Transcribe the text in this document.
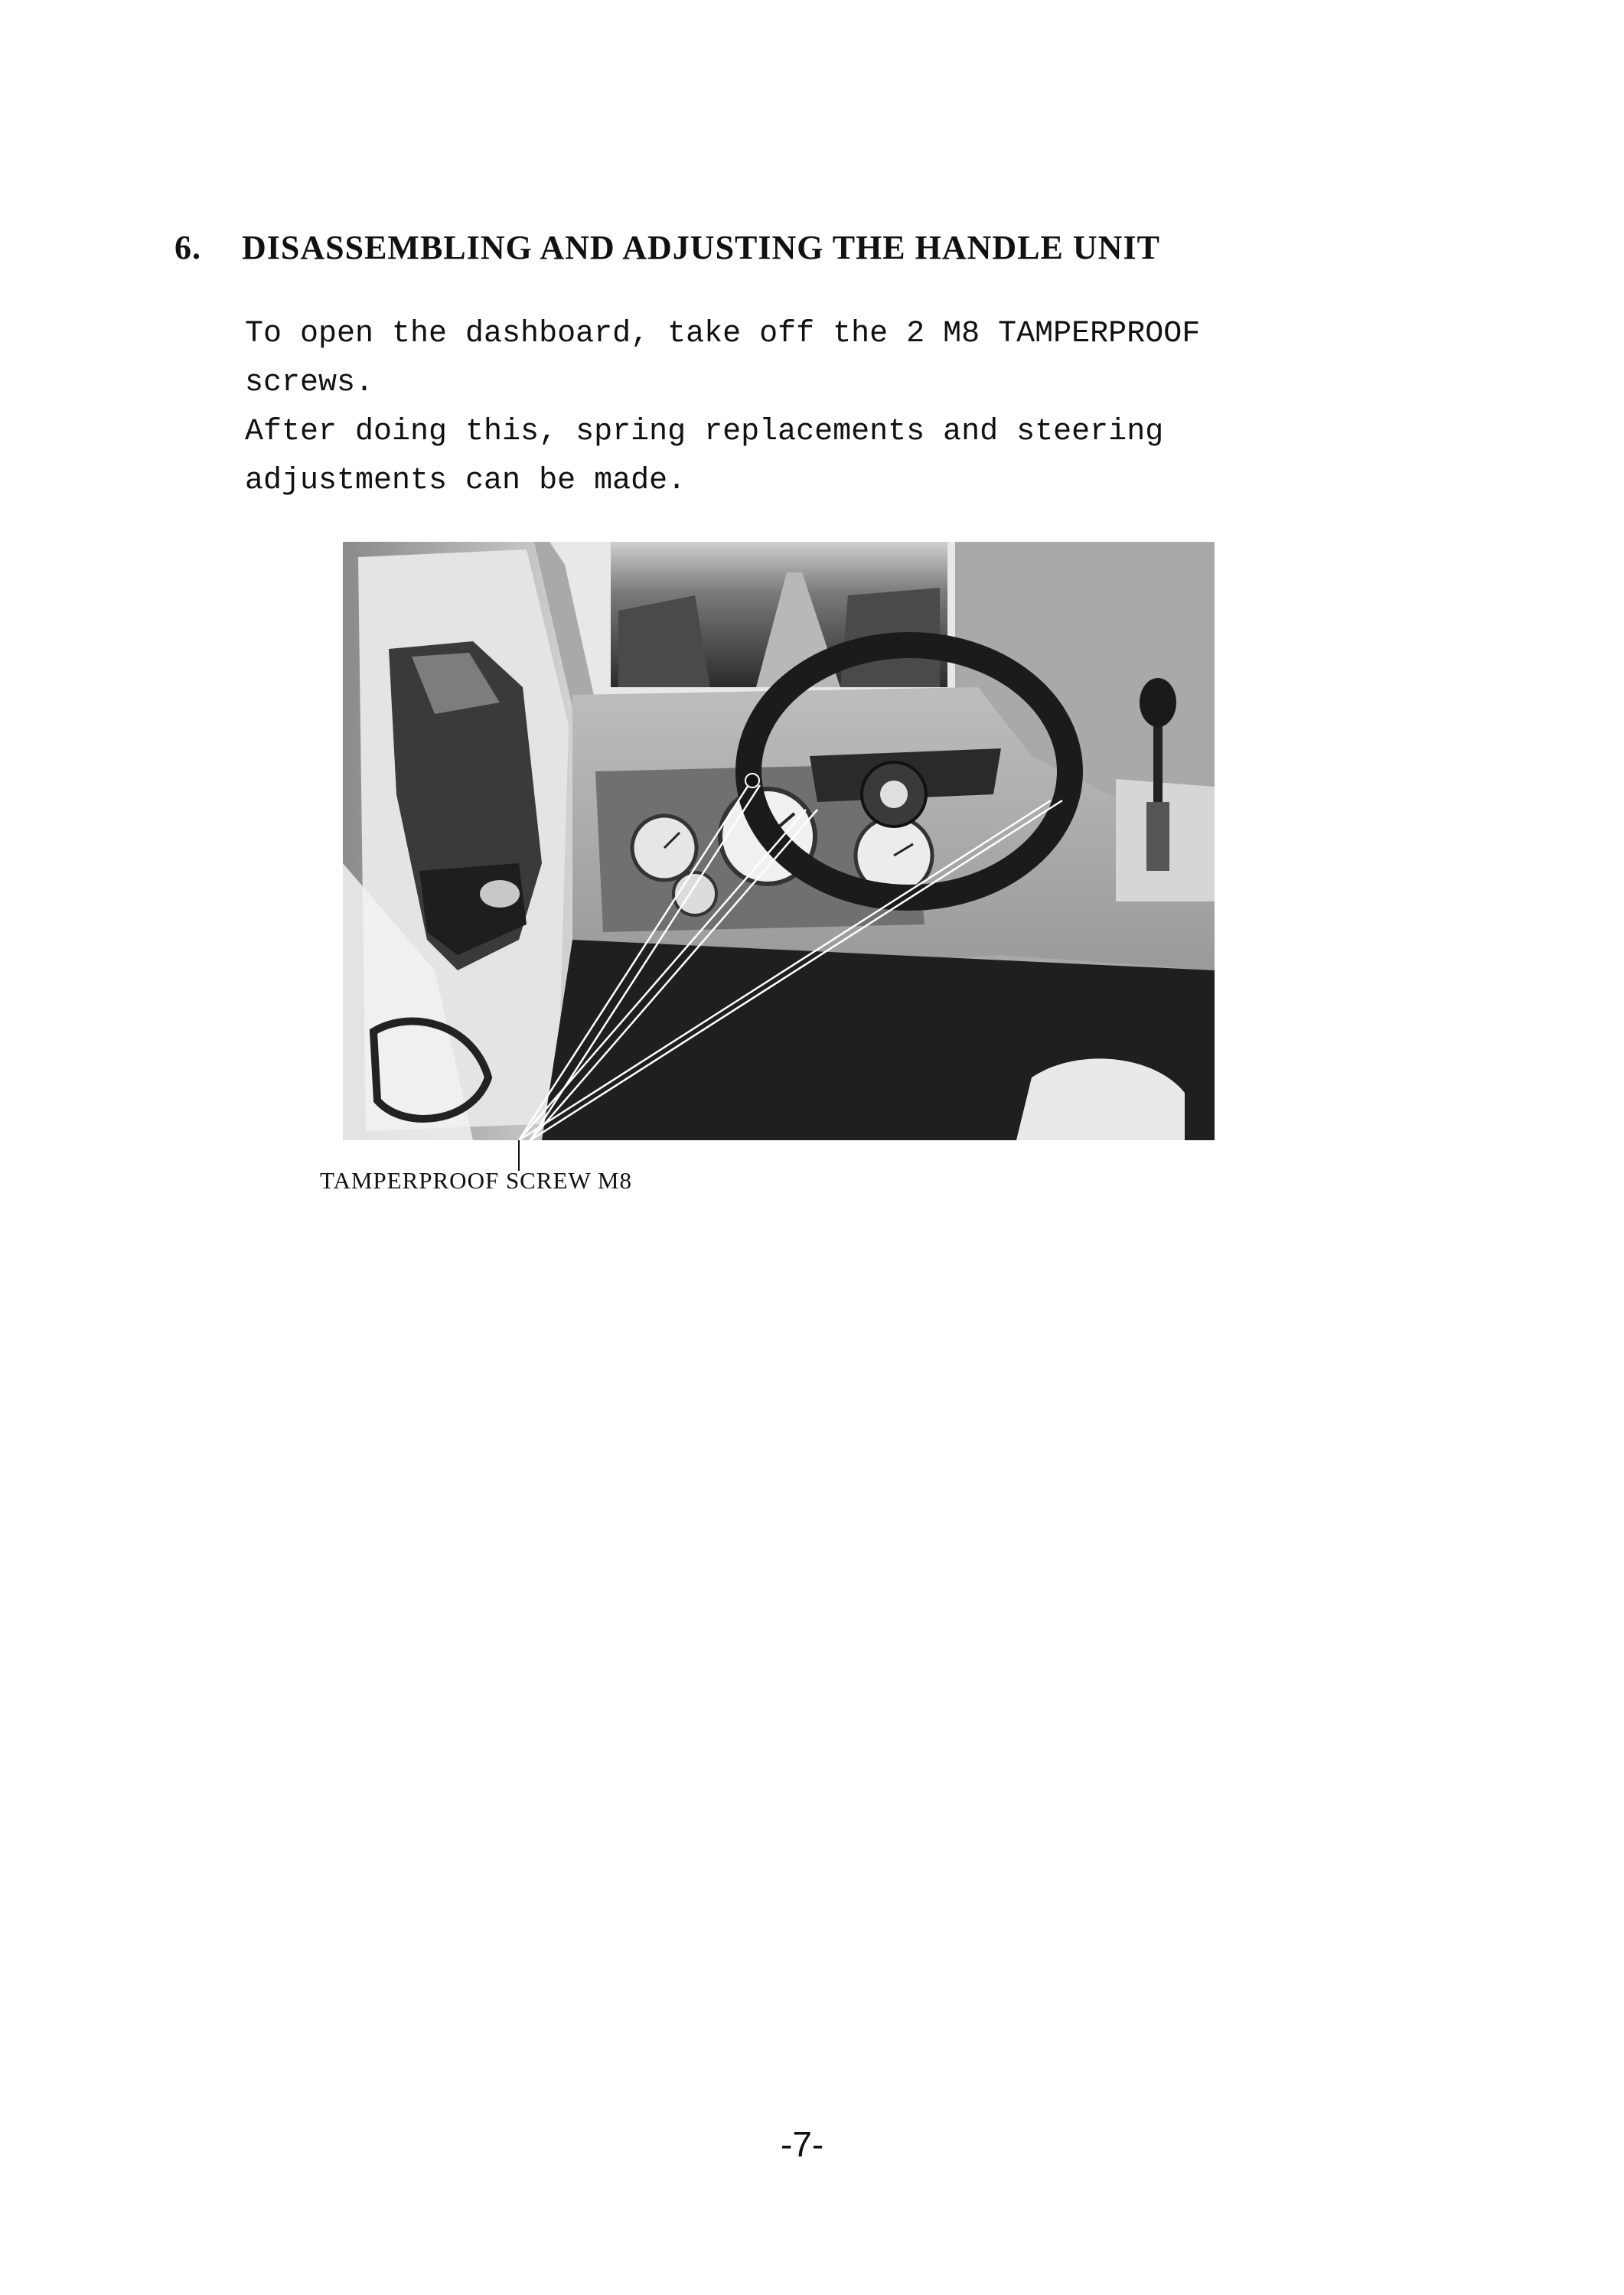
6. DISASSEMBLING AND ADJUSTING THE HANDLE UNIT

To open the dashboard, take off the 2 M8 TAMPERPROOF

screws.

After doing this, spring replacements and steering

adjustments can be made.

TAMPERPROOF SCREW M8
-7-
